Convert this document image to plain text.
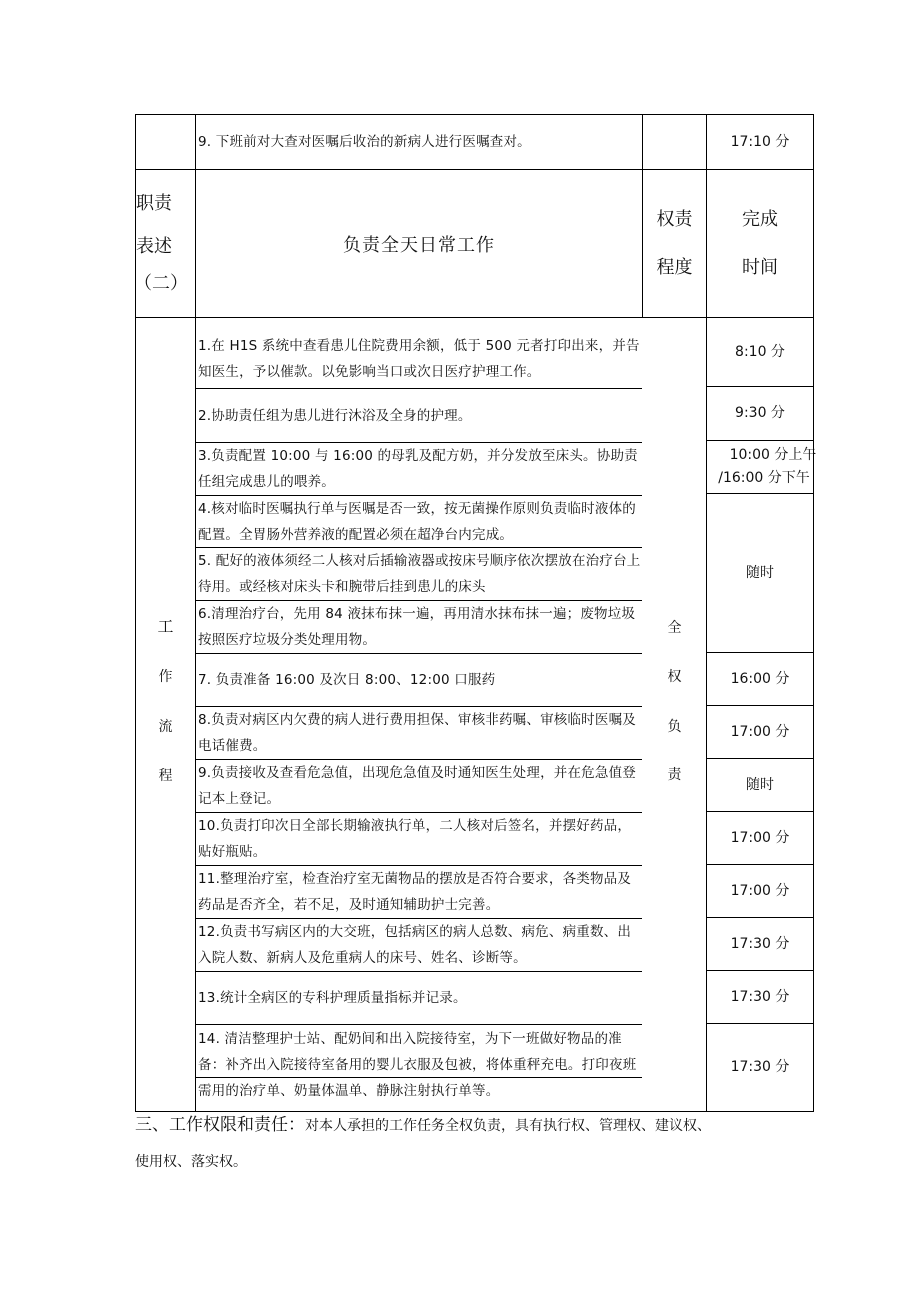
9. 下班前对大查对医嘱后收治的新病人进行医嘱查对。	17:10 分
职责
表述
（二）
负责全天日常工作
权责
程度
完成
时间
工
作
流
程
全
权
负
责
1.在 H1S 系统中查看患儿住院费用余额，低于 500 元者打印出来，并告知医生，予以催款。以免影响当口或次日医疗护理工作。
2.协助责任组为患儿进行沐浴及全身的护理。
3.负责配置 10:00 与 16:00 的母乳及配方奶，并分发放至床头。协助责任组完成患儿的喂养。
4.核对临时医嘱执行单与医嘱是否一致，按无菌操作原则负责临时液体的配置。全胃肠外营养液的配置必须在超净台内完成。
5. 配好的液体须经二人核对后插输液器或按床号顺序依次摆放在治疗台上待用。或经核对床头卡和腕带后挂到患儿的床头
6.清理治疗台，先用 84 液抹布抹一遍，再用清水抹布抹一遍；废物垃圾按照医疗垃圾分类处理用物。
7. 负责准备 16:00 及次日 8:00、12:00 口服药
8.负责对病区内欠费的病人进行费用担保、审核非药嘱、审核临时医嘱及电话催费。
9.负责接收及查看危急值，出现危急值及时通知医生处理，并在危急值登记本上登记。
10.负责打印次日全部长期输液执行单，二人核对后签名，并摆好药品，贴好瓶贴。
11.整理治疗室，检查治疗室无菌物品的摆放是否符合要求，各类物品及药品是否齐全，若不足，及时通知辅助护士完善。
12.负责书写病区内的大交班，包括病区的病人总数、病危、病重数、出入院人数、新病人及危重病人的床号、姓名、诊断等。
13.统计全病区的专科护理质量指标并记录。
14. 清洁整理护士站、配奶间和出入院接待室，为下一班做好物品的准备：补齐出入院接待室备用的婴儿衣服及包被，将体重秤充电。打印夜班需用的治疗单、奶量体温单、静脉注射执行单等。
8:10 分
9:30 分
10:00 分上午
/16:00 分下午
随时
16:00 分
17:00 分
随时
17:00 分
17:00 分
17:30 分
17:30 分
17:30 分
三、工作权限和责任：对本人承担的工作任务全权负责，具有执行权、管理权、建议权、
使用权、落实权。
